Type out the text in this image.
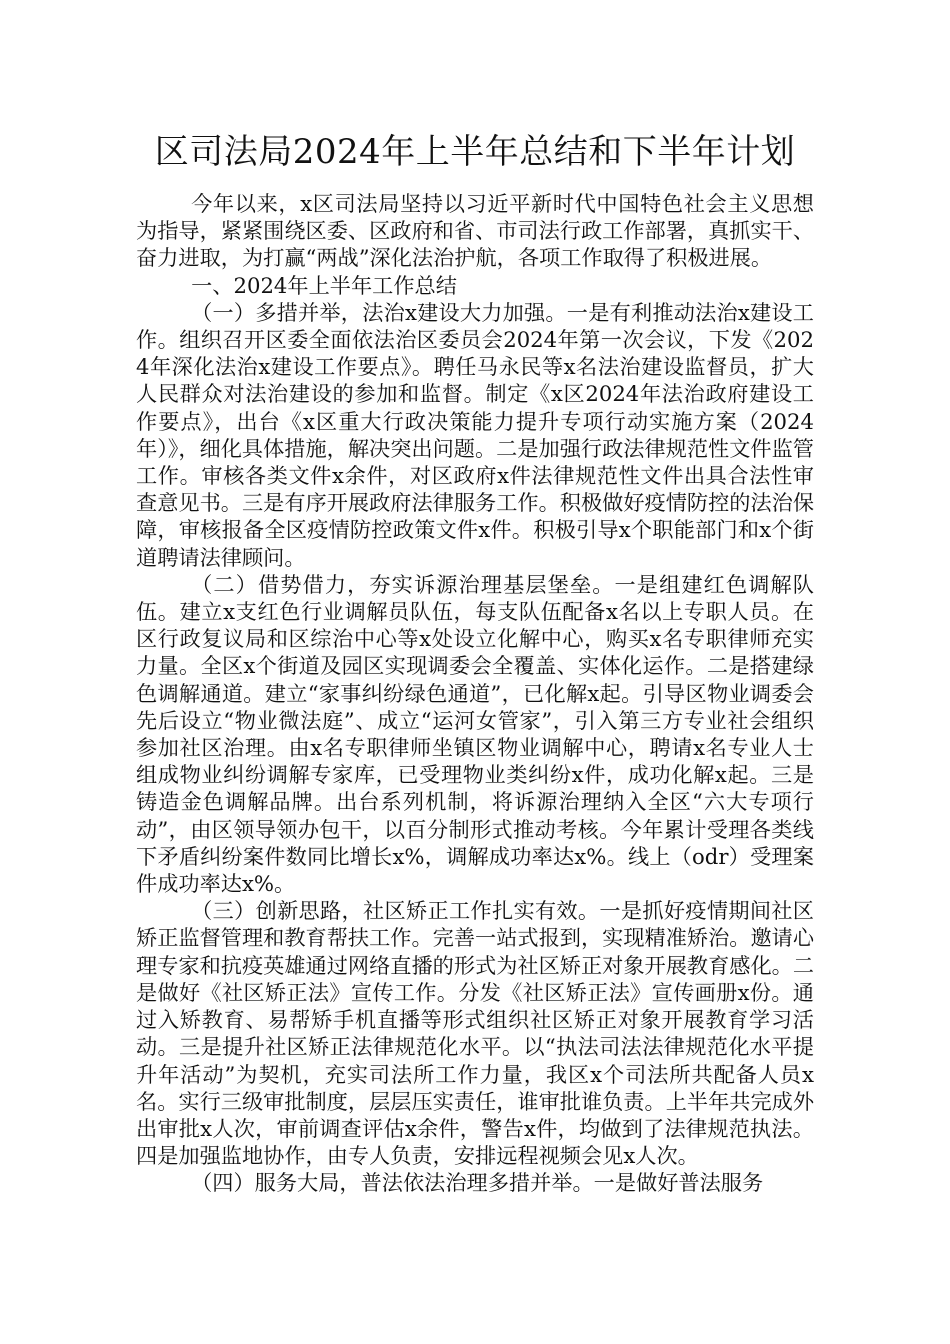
区司法局2024年上半年总结和下半年计划

今年以来，x区司法局坚持以习近平新时代中国特色社会主义思想为指导，紧紧围绕区委、区政府和省、市司法行政工作部署，真抓实干、奋力进取，为打赢“两战”深化法治护航，各项工作取得了积极进展。

一、2024年上半年工作总结

（一）多措并举，法治x建设大力加强。一是有利推动法治x建设工作。组织召开区委全面依法治区委员会2024年第一次会议，下发《2024年深化法治x建设工作要点》。聘任马永民等x名法治建设监督员，扩大人民群众对法治建设的参加和监督。制定《x区2024年法治政府建设工作要点》，出台《x区重大行政决策能力提升专项行动实施方案（2024年）》，细化具体措施，解决突出问题。二是加强行政法律规范性文件监管工作。审核各类文件x余件，对区政府x件法律规范性文件出具合法性审查意见书。三是有序开展政府法律服务工作。积极做好疫情防控的法治保障，审核报备全区疫情防控政策文件x件。积极引导x个职能部门和x个街道聘请法律顾问。

（二）借势借力，夯实诉源治理基层堡垒。一是组建红色调解队伍。建立x支红色行业调解员队伍，每支队伍配备x名以上专职人员。在区行政复议局和区综治中心等x处设立化解中心，购买x名专职律师充实力量。全区x个街道及园区实现调委会全覆盖、实体化运作。二是搭建绿色调解通道。建立“家事纠纷绿色通道”，已化解x起。引导区物业调委会先后设立“物业微法庭”、成立“运河女管家”，引入第三方专业社会组织参加社区治理。由x名专职律师坐镇区物业调解中心，聘请x名专业人士组成物业纠纷调解专家库，已受理物业类纠纷x件，成功化解x起。三是铸造金色调解品牌。出台系列机制，将诉源治理纳入全区“六大专项行动”，由区领导领办包干，以百分制形式推动考核。今年累计受理各类线下矛盾纠纷案件数同比增长x%，调解成功率达x%。线上（odr）受理案件成功率达x%。

（三）创新思路，社区矫正工作扎实有效。一是抓好疫情期间社区矫正监督管理和教育帮扶工作。完善一站式报到，实现精准矫治。邀请心理专家和抗疫英雄通过网络直播的形式为社区矫正对象开展教育感化。二是做好《社区矫正法》宣传工作。分发《社区矫正法》宣传画册x份。通过入矫教育、易帮矫手机直播等形式组织社区矫正对象开展教育学习活动。三是提升社区矫正法律规范化水平。以“执法司法法律规范化水平提升年活动”为契机，充实司法所工作力量，我区x个司法所共配备人员x名。实行三级审批制度，层层压实责任，谁审批谁负责。上半年共完成外出审批x人次，审前调查评估x余件，警告x件，均做到了法律规范执法。四是加强监地协作，由专人负责，安排远程视频会见x人次。

（四）服务大局，普法依法治理多措并举。一是做好普法服务
